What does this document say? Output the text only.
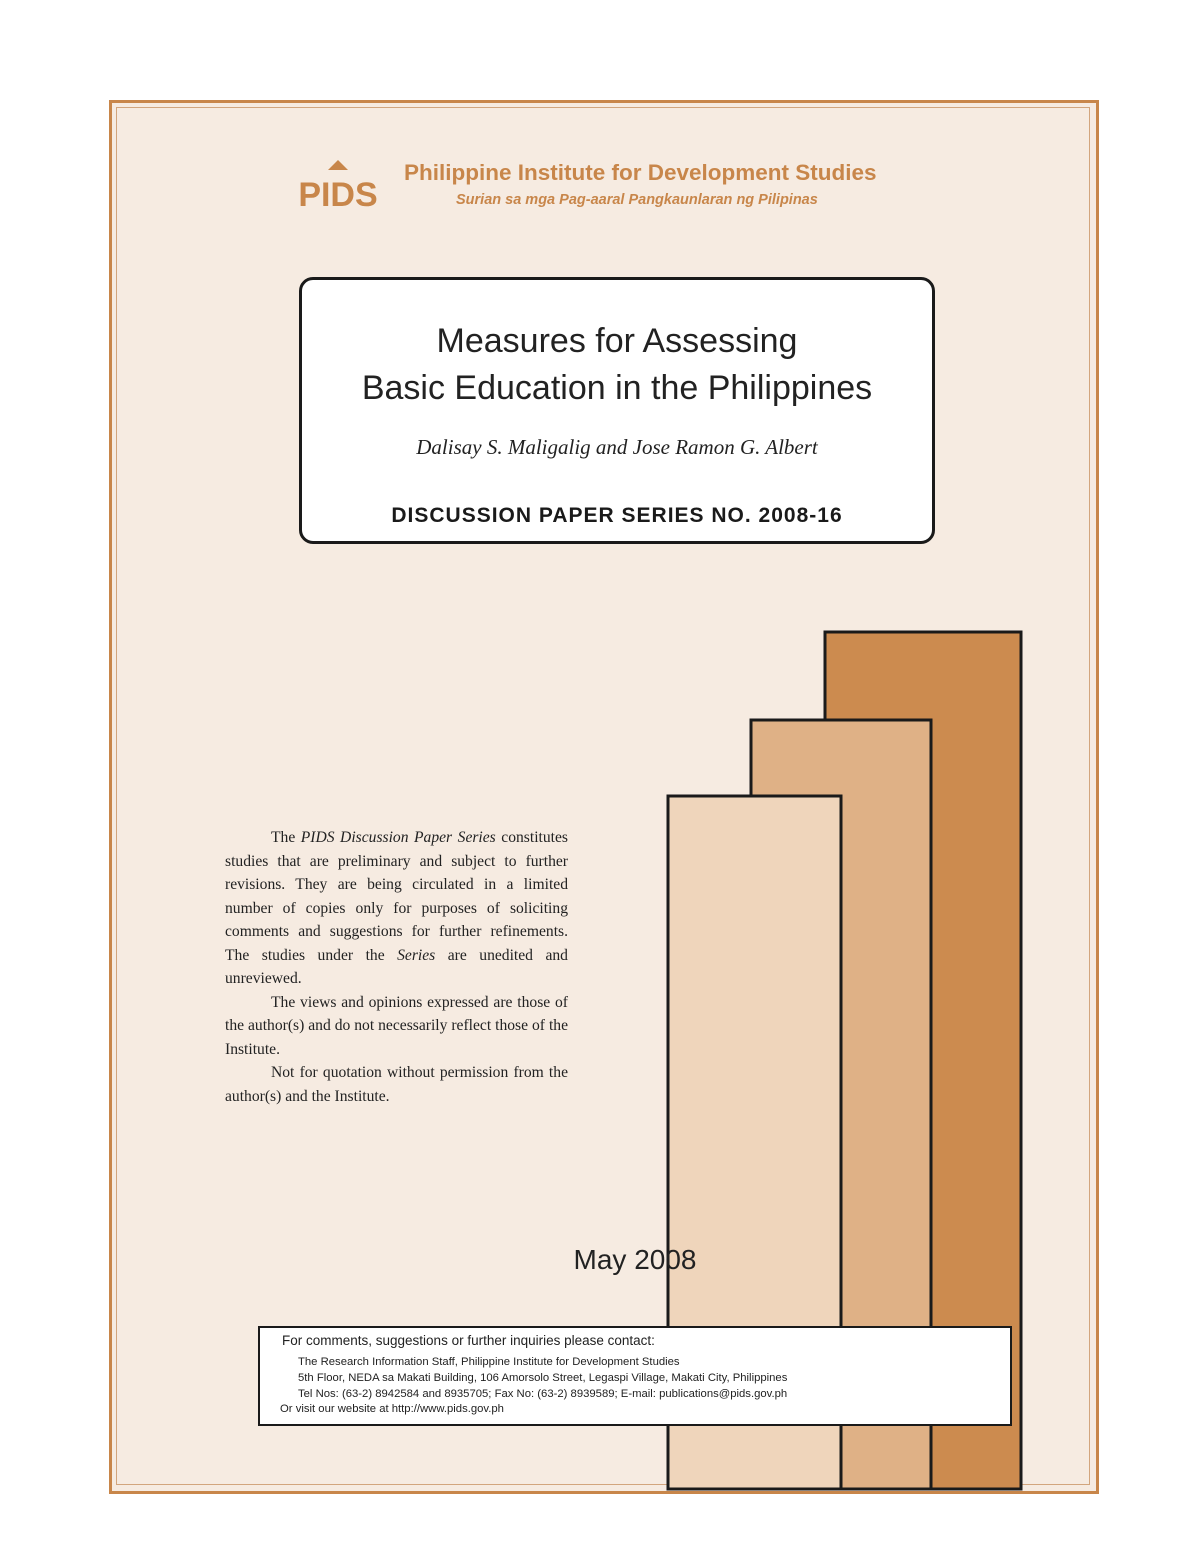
PIDS
Philippine Institute for Development Studies
Surian sa mga Pag-aaral Pangkaunlaran ng Pilipinas
Measures for Assessing
Basic Education in the Philippines
Dalisay S. Maligalig and Jose Ramon G. Albert
DISCUSSION PAPER SERIES NO. 2008-16

The PIDS Discussion Paper Series constitutes studies that are preliminary and subject to further revisions. They are being circulated in a limited number of copies only for purposes of soliciting comments and suggestions for further refinements. The studies under the Series are unedited and unreviewed.

The views and opinions expressed are those of the author(s) and do not necessarily reflect those of the Institute.

Not for quotation without permission from the author(s) and the Institute.

May 2008
For comments, suggestions or further inquiries please contact:
The Research Information Staff, Philippine Institute for Development Studies
5th Floor, NEDA sa Makati Building, 106 Amorsolo Street, Legaspi Village, Makati City, Philippines
Tel Nos: (63-2) 8942584 and 8935705; Fax No: (63-2) 8939589; E-mail: publications@pids.gov.ph
Or visit our website at http://www.pids.gov.ph
